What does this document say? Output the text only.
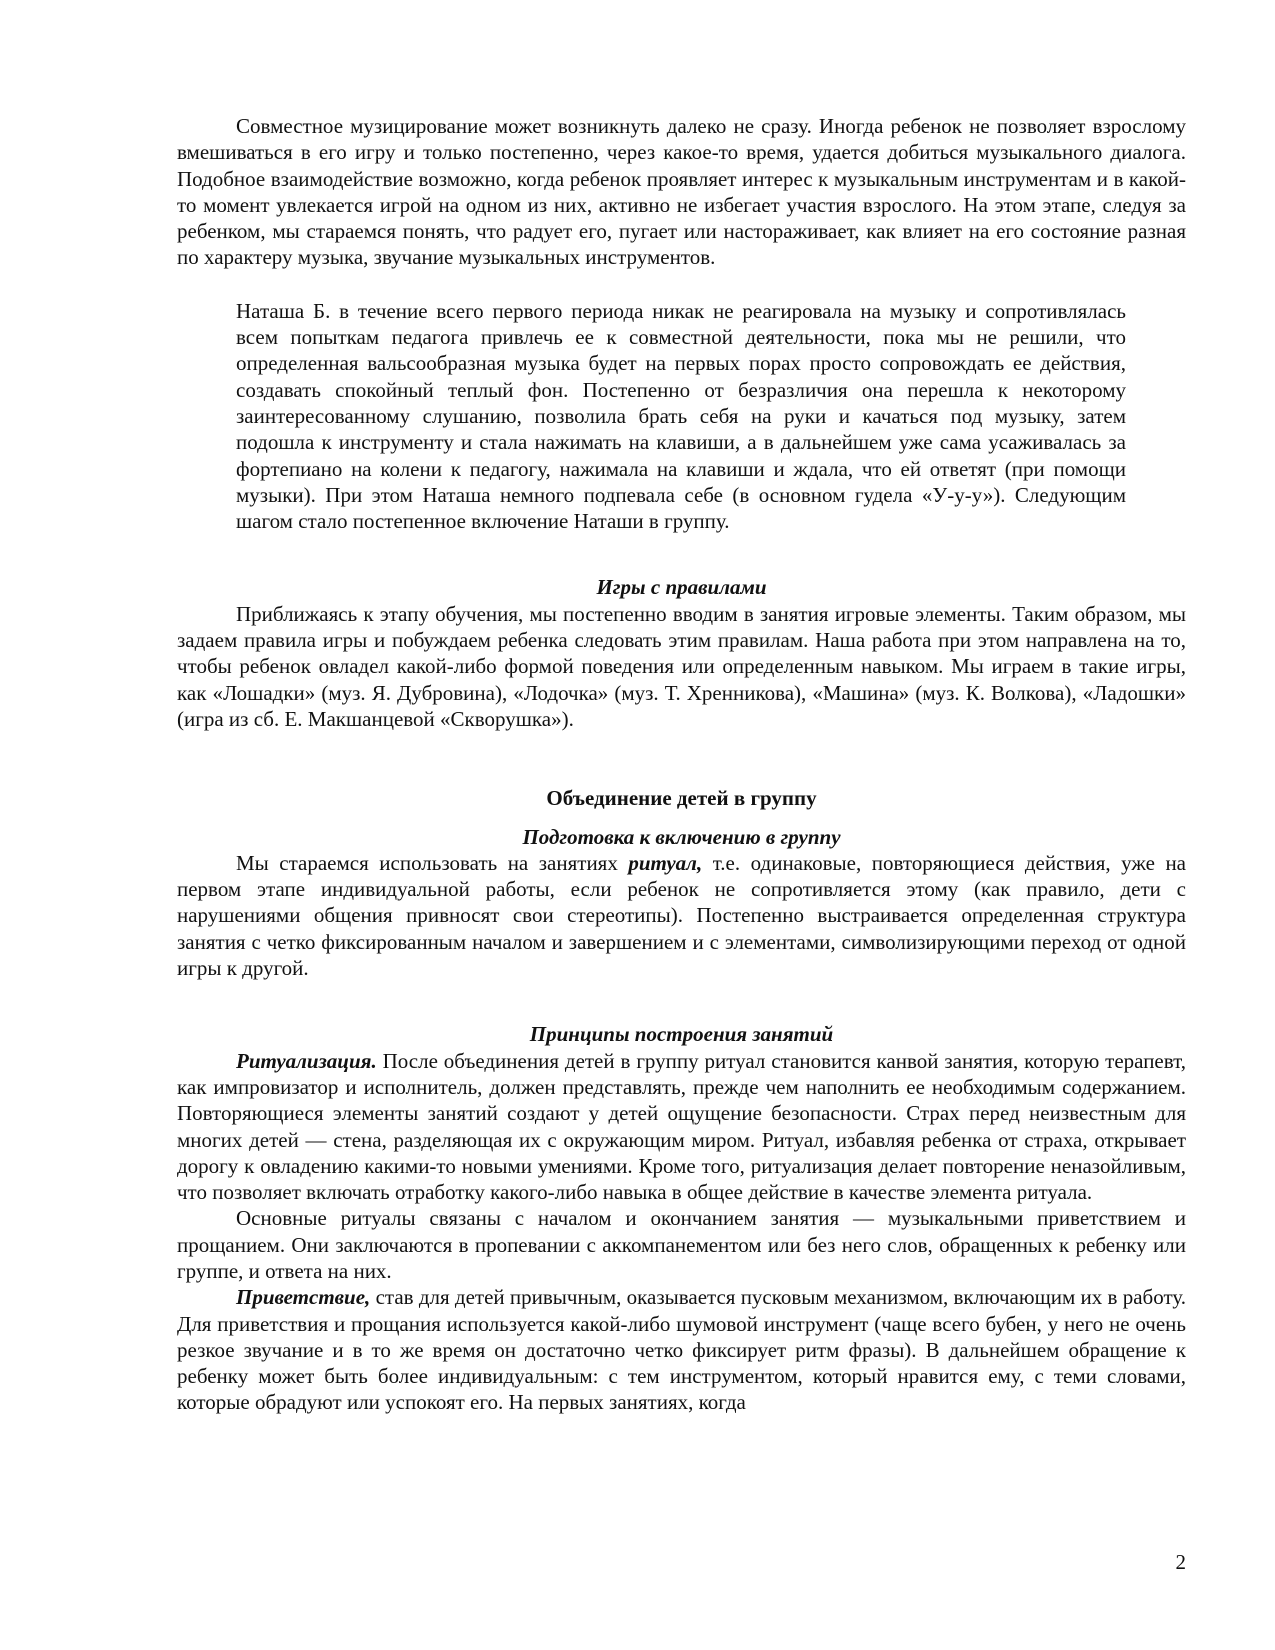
Совместное музицирование может возникнуть далеко не сразу. Иногда ребенок не позволяет взрослому вмешиваться в его игру и только постепенно, через какое-то время, удается добиться музыкального диалога. Подобное взаимодействие возможно, когда ребенок проявляет интерес к музыкальным инструментам и в какой-то момент увлекается игрой на одном из них, активно не избегает участия взрослого. На этом этапе, следуя за ребенком, мы стараемся понять, что радует его, пугает или настораживает, как влияет на его состояние разная по характеру музыка, звучание музыкальных инструментов.

Наташа Б. в течение всего первого периода никак не реагировала на музыку и сопротивлялась всем попыткам педагога привлечь ее к совместной деятельности, пока мы не решили, что определенная вальсообразная музыка будет на первых порах просто сопровождать ее действия, создавать спокойный теплый фон. Постепенно от безразличия она перешла к некоторому заинтересованному слушанию, позволила брать себя на руки и качаться под музыку, затем подошла к инструменту и стала нажимать на клавиши, а в дальнейшем уже сама усаживалась за фортепиано на колени к педагогу, нажимала на клавиши и ждала, что ей ответят (при помощи музыки). При этом Наташа немного подпевала себе (в основном гудела «У-у-у»). Следующим шагом стало постепенное включение Наташи в группу.

Игры с правилами

Приближаясь к этапу обучения, мы постепенно вводим в занятия игровые элементы. Таким образом, мы задаем правила игры и побуждаем ребенка следовать этим правилам. Наша работа при этом направлена на то, чтобы ребенок овладел какой-либо формой поведения или определенным навыком. Мы играем в такие игры, как «Лошадки» (муз. Я. Дубровина), «Лодочка» (муз. Т. Хренникова), «Машина» (муз. К. Волкова), «Ладошки» (игра из сб. Е. Макшанцевой «Скворушка»).

Объединение детей в группу

Подготовка к включению в группу

Мы стараемся использовать на занятиях ритуал, т.е. одинаковые, повторяющиеся действия, уже на первом этапе индивидуальной работы, если ребенок не сопротивляется этому (как правило, дети с нарушениями общения привносят свои стереотипы). Постепенно выстраивается определенная структура занятия с четко фиксированным началом и завершением и с элементами, символизирующими переход от одной игры к другой.

Принципы построения занятий

Ритуализация. После объединения детей в группу ритуал становится канвой занятия, которую терапевт, как импровизатор и исполнитель, должен представлять, прежде чем наполнить ее необходимым содержанием. Повторяющиеся элементы занятий создают у детей ощущение безопасности. Страх перед неизвестным для многих детей — стена, разделяющая их с окружающим миром. Ритуал, избавляя ребенка от страха, открывает дорогу к овладению какими-то новыми умениями. Кроме того, ритуализация делает повторение неназойливым, что позволяет включать отработку какого-либо навыка в общее действие в качестве элемента ритуала.

Основные ритуалы связаны с началом и окончанием занятия — музыкальными приветствием и прощанием. Они заключаются в пропевании с аккомпанементом или без него слов, обращенных к ребенку или группе, и ответа на них.

Приветствие, став для детей привычным, оказывается пусковым механизмом, включающим их в работу. Для приветствия и прощания используется какой-либо шумовой инструмент (чаще всего бубен, у него не очень резкое звучание и в то же время он достаточно четко фиксирует ритм фразы). В дальнейшем обращение к ребенку может быть более индивидуальным: с тем инструментом, который нравится ему, с теми словами, которые обрадуют или успокоят его. На первых занятиях, когда

2
